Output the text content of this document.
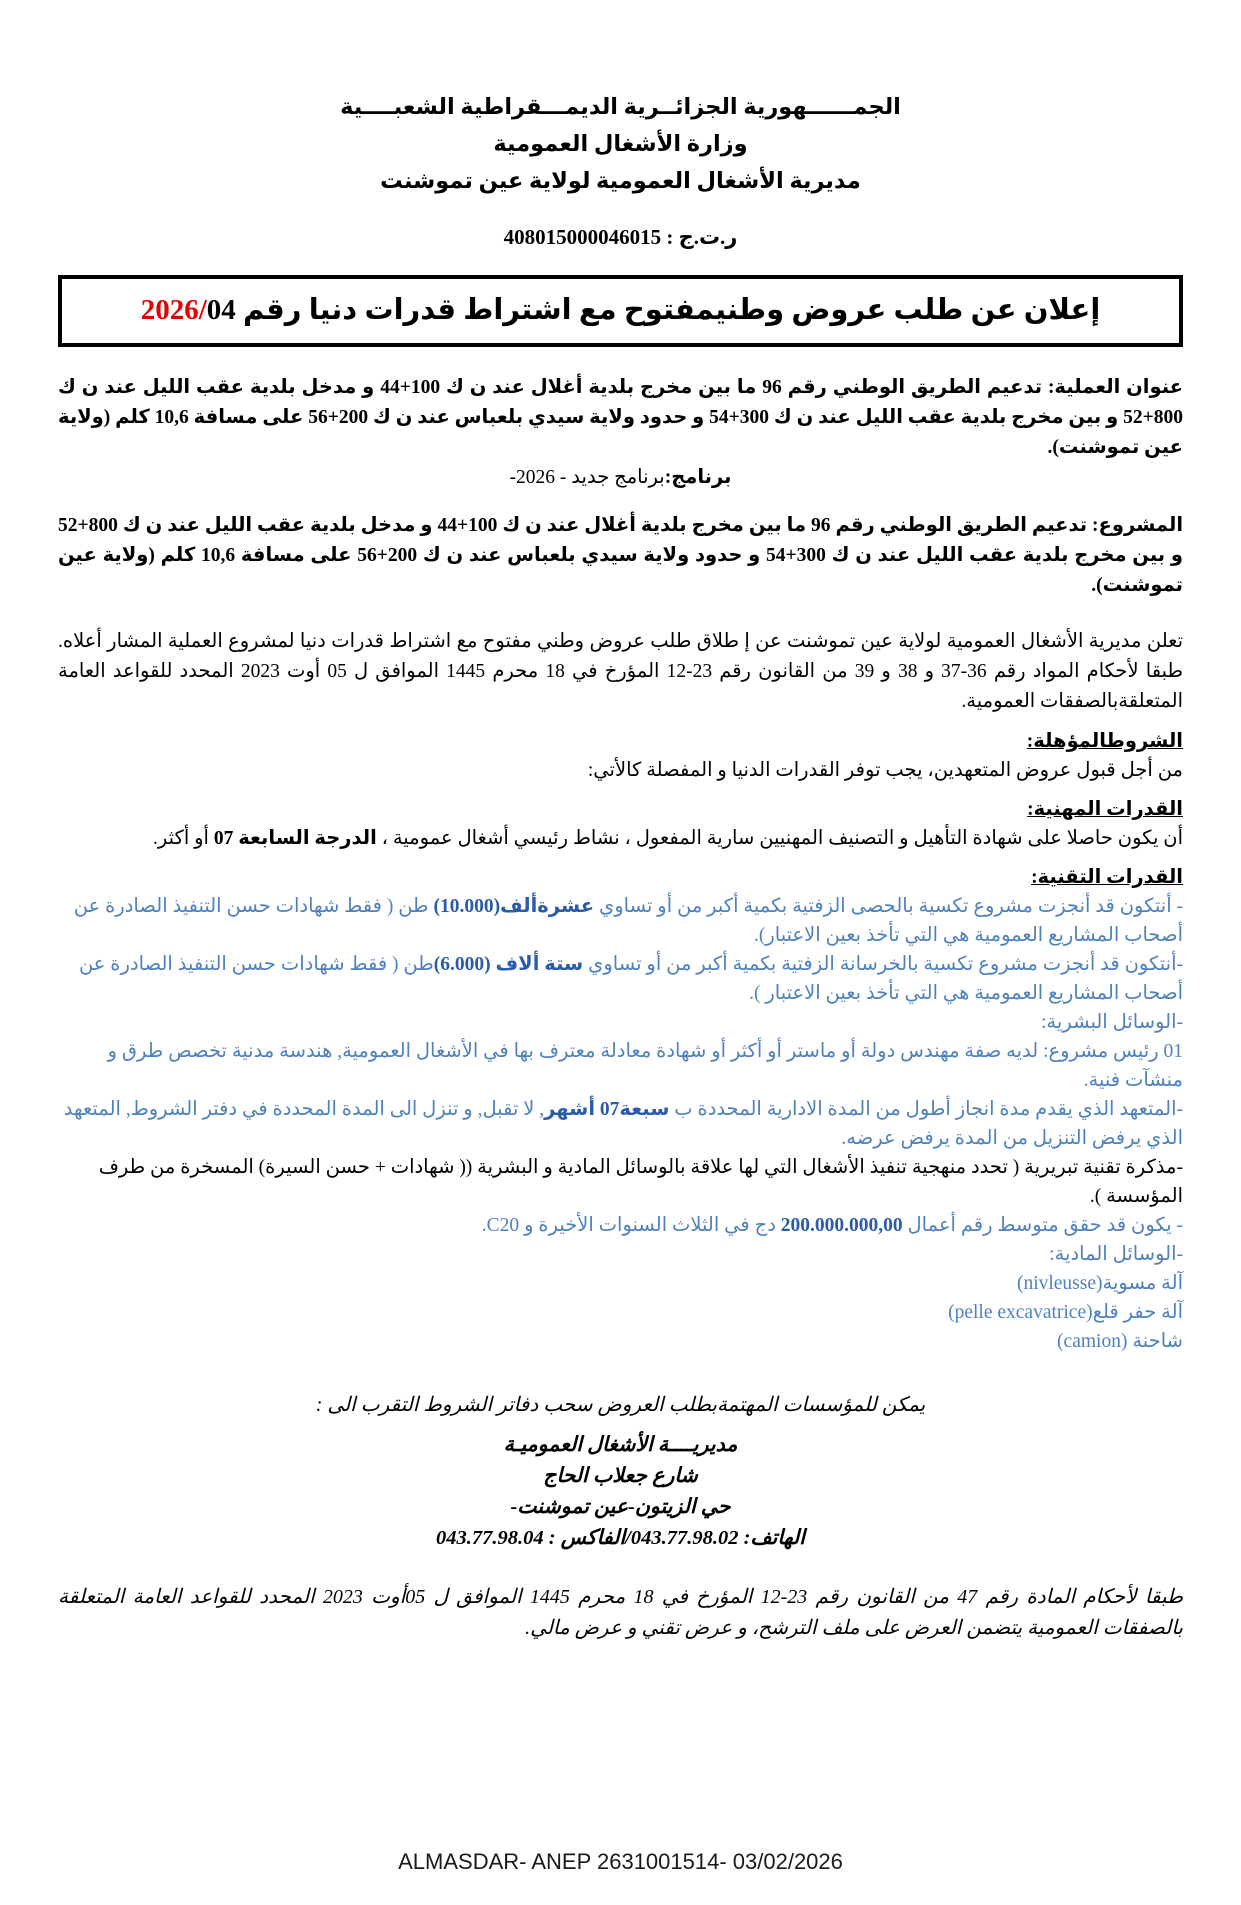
الجمــــــهورية الجزائــرية الديمـــقراطية الشعبــــية
وزارة الأشغال العمومية
مديرية الأشغال العمومية لولاية عين تموشنت
ر.ت.ج : 408015000046015
إعلان عن طلب عروض وطنيمفتوح مع اشتراط قدرات دنيا رقم 2026/04
عنوان العملية: تدعيم الطريق الوطني رقم 96 ما بين مخرج بلدية أغلال عند ن ك 100+44 و مدخل بلدية عقب الليل عند ن ك 800+52 و بين مخرج بلدية عقب الليل عند ن ك 300+54 و حدود ولاية سيدي بلعباس عند ن ك 200+56 على مسافة 10,6 كلم (ولاية عين تموشنت).
برنامج:برنامج جديد - 2026-
المشروع: تدعيم الطريق الوطني رقم 96 ما بين مخرج بلدية أغلال عند ن ك 100+44 و مدخل بلدية عقب الليل عند ن ك 800+52 و بين مخرج بلدية عقب الليل عند ن ك 300+54 و حدود ولاية سيدي بلعباس عند ن ك 200+56 على مسافة 10,6 كلم (ولاية عين تموشنت).
تعلن مديرية الأشغال العمومية لولاية عين تموشنت عن إ طلاق طلب عروض وطني مفتوح مع اشتراط قدرات دنيا لمشروع العملية المشار أعلاه. طبقا لأحكام المواد رقم 36-37 و 38 و 39 من القانون رقم 23-12 المؤرخ في 18 محرم 1445 الموافق ل 05 أوت 2023 المحدد للقواعد العامة المتعلقةبالصفقات العمومية.
الشروطالمؤهلة:
من أجل قبول عروض المتعهدين، يجب توفر القدرات الدنيا و المفصلة كالأتي:
القدرات المهنية:
أن يكون حاصلا على شهادة التأهيل و التصنيف المهنيين سارية المفعول ، نشاط رئيسي أشغال عمومية ، الدرجة السابعة 07 أو أكثر.
القدرات التقنية:
- أنتكون قد أنجزت مشروع تكسية بالحصى الزفتية بكمية أكبر من أو تساوي عشرةألف(10.000) طن ( فقط شهادات حسن التنفيذ الصادرة عن أصحاب المشاريع العمومية هي التي تأخذ بعين الاعتبار).
-أنتكون قد أنجزت مشروع تكسية بالخرسانة الزفتية بكمية أكبر من أو تساوي ستة ألاف (6.000)طن ( فقط شهادات حسن التنفيذ الصادرة عن أصحاب المشاريع العمومية هي التي تأخذ بعين الاعتبار ).
-الوسائل البشرية:
01 رئيس مشروع: لديه صفة مهندس دولة أو ماستر أو أكثر أو شهادة معادلة معترف بها في الأشغال العمومية, هندسة مدنية تخصص طرق و منشآت فنية.
-المتعهد الذي يقدم مدة انجاز أطول من المدة الادارية المحددة ب سبعة07 أشهر, لا تقبل, و تنزل الى المدة المحددة في دفتر الشروط, المتعهد الذي يرفض التنزيل من المدة يرفض عرضه.
-مذكرة تقنية تبريرية ( تحدد منهجية تنفيذ الأشغال التي لها علاقة بالوسائل المادية و البشرية (( شهادات + حسن السيرة) المسخرة من طرف المؤسسة ).
- يكون قد حقق متوسط رقم أعمال 200.000.000,00 دج في الثلاث السنوات الأخيرة و C20.
-الوسائل المادية:
آلة مسوية(nivleusse)
آلة حفر قلع(pelle excavatrice)
شاحنة (camion)
يمكن للمؤسسات المهتمةبطلب العروض سحب دفاتر الشروط التقرب الى :
مديريــــة الأشغال العموميـة
شارع جعلاب الحاج
حي الزيتون-عين تموشنت-
الهاتف: 043.77.98.02/الفاكس : 043.77.98.04
طبقا لأحكام المادة رقم 47 من القانون رقم 23-12 المؤرخ في 18 محرم 1445 الموافق ل 05أوت 2023 المحدد للقواعد العامة المتعلقة بالصفقات العمومية يتضمن العرض على ملف الترشح، و عرض تقني و عرض مالي.
ALMASDAR- ANEP 2631001514- 03/02/2026
